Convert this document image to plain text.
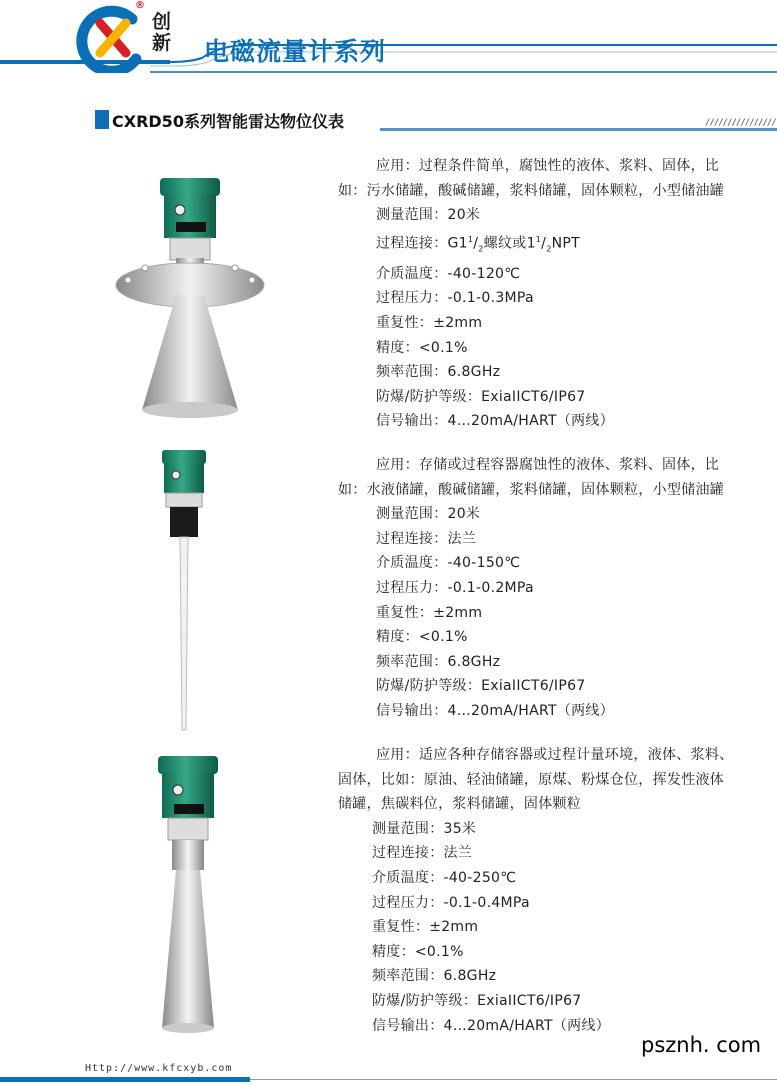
®
创
新 电磁流量计系列
CXRD50系列智能雷达物位仪表	////////////////
应用：过程条件简单，腐蚀性的液体、浆料、固体，比
如：污水储罐，酸碱储罐，浆料储罐，固体颗粒，小型储油罐
测量范围：20米
过程连接：$G1^1/_2$螺纹或$1^1/_2NPT$
介质温度：-40-120℃
过程压力：-0.1-0.3MPa
重复性：±2mm
精度：<0.1%
频率范围：6.8GHz
防爆/防护等级：ExiaIICT6/IP67
信号输出：4…20mA/HART（两线）
应用：存储或过程容器腐蚀性的液体、浆料、固体，比
如：水液储罐，酸碱储罐，浆料储罐，固体颗粒，小型储油罐
测量范围：20米
过程连接：法兰
介质温度：-40-150℃
过程压力：-0.1-0.2MPa
重复性：±2mm
精度：<0.1%
频率范围：6.8GHz
防爆/防护等级：ExiaIICT6/IP67
信号输出：4…20mA/HART（两线）
应用：适应各种存储容器或过程计量环境，液体、浆料、
固体，比如：原油、轻油储罐，原煤、粉煤仓位，挥发性液体
储罐，焦碳料位，浆料储罐，固体颗粒
测量范围：35米
过程连接：法兰
介质温度：-40-250℃
过程压力：-0.1-0.4MPa
重复性：±2mm
精度：<0.1%
频率范围：6.8GHz
防爆/防护等级：ExiaIICT6/IP67
信号输出：4…20mA/HART（两线）
Http://www.kfcxyb.com
psznh. com
